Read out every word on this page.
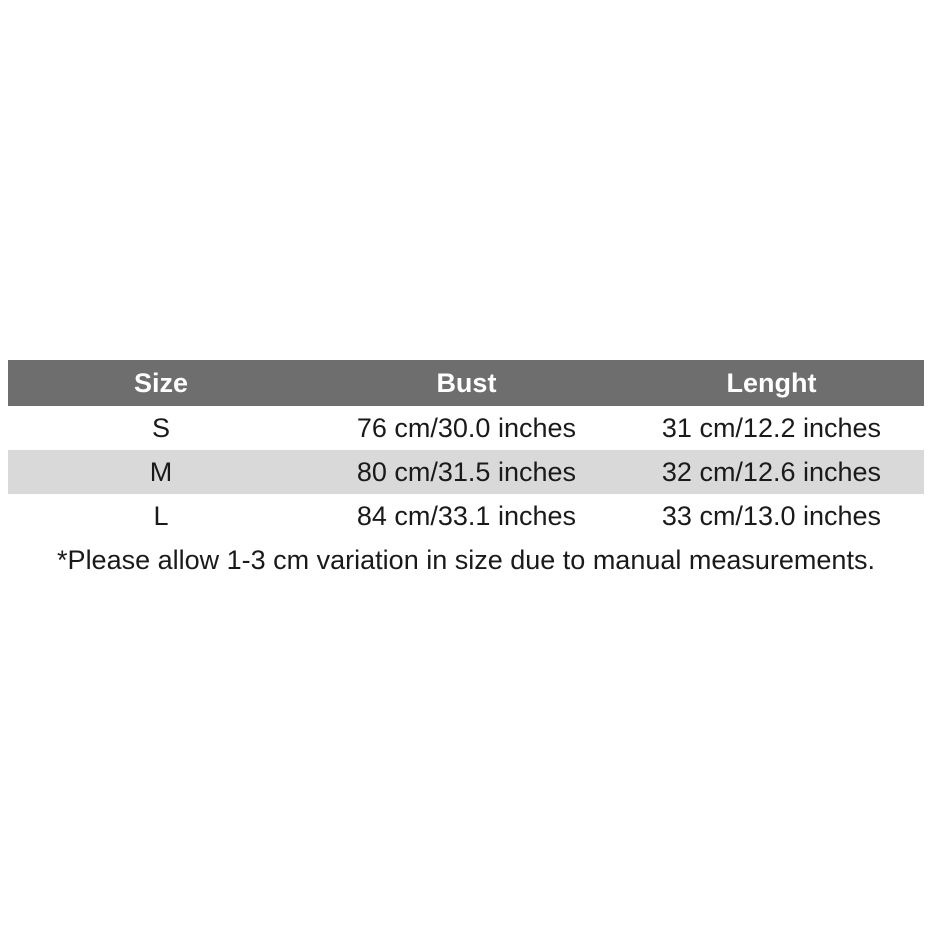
Size	Bust	Lenght
S	76 cm/30.0 inches	31 cm/12.2 inches
M	80 cm/31.5 inches	32 cm/12.6 inches
L	84 cm/33.1 inches	33 cm/13.0 inches
*Please allow 1-3 cm variation in size due to manual measurements.
